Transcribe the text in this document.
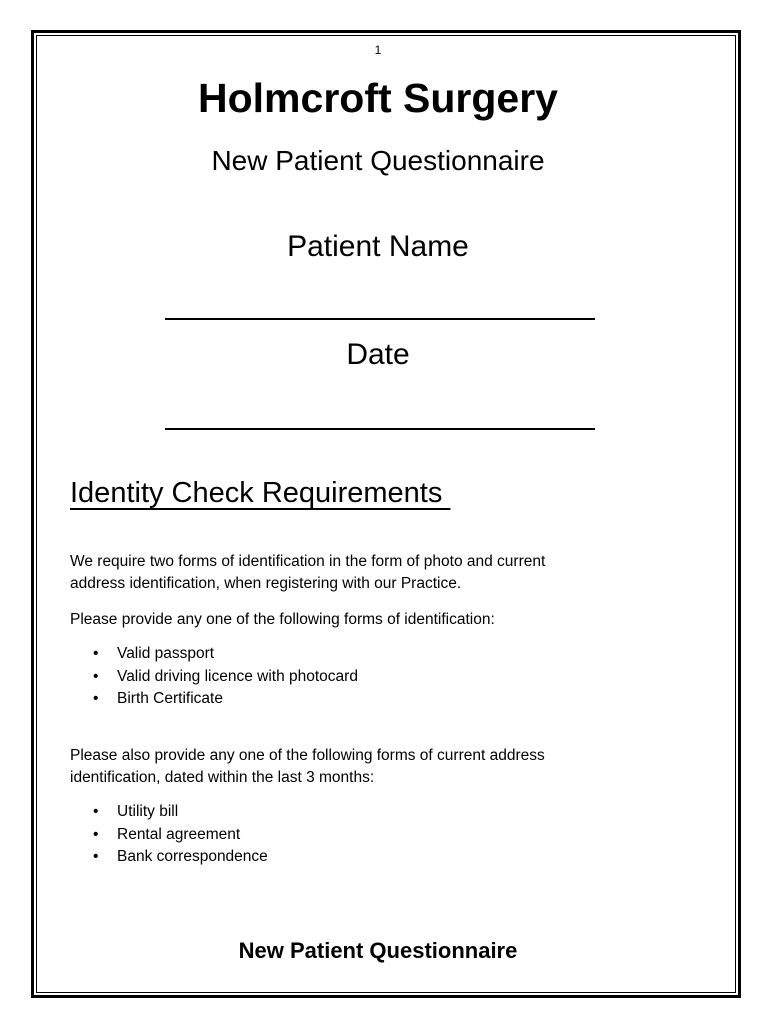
1
Holmcroft Surgery
New Patient Questionnaire
Patient Name
Date
Identity Check Requirements
We require two forms of identification in the form of photo and current
address identification, when registering with our Practice.
Please provide any one of the following forms of identification:
• Valid passport
• Valid driving licence with photocard
• Birth Certificate
Please also provide any one of the following forms of current address
identification, dated within the last 3 months:
• Utility bill
• Rental agreement
• Bank correspondence
New Patient Questionnaire
